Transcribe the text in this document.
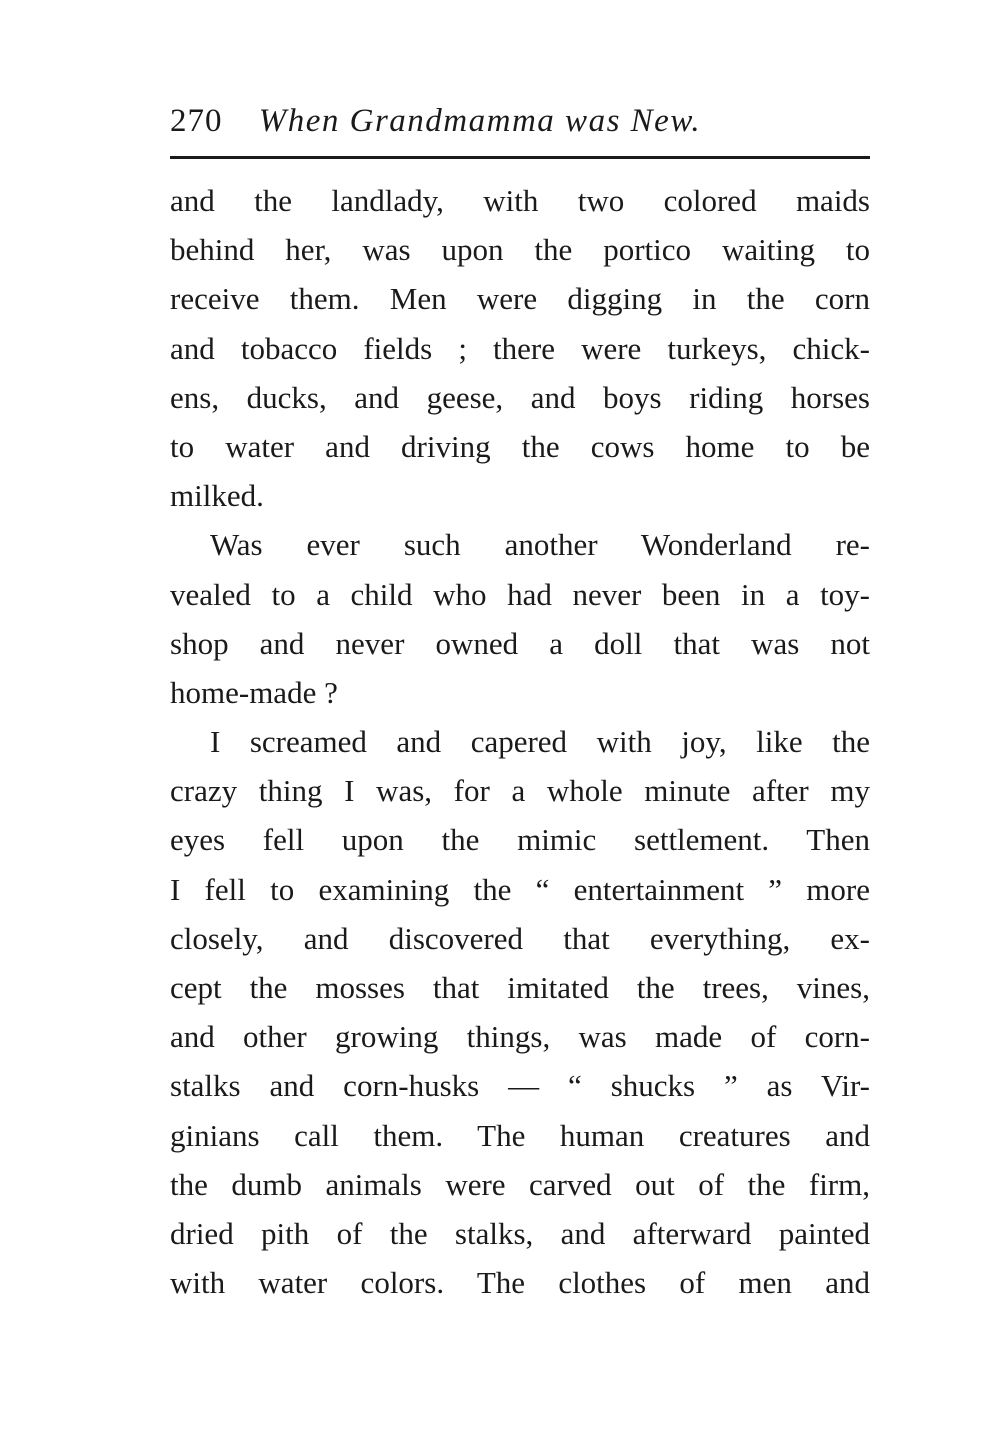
270 When Grandmamma was New.
and the landlady, with two colored maids
behind her, was upon the portico waiting to
receive them. Men were digging in the corn
and tobacco fields ; there were turkeys, chick-
ens, ducks, and geese, and boys riding horses
to water and driving the cows home to be
milked.
Was ever such another Wonderland re-
vealed to a child who had never been in a toy-
shop and never owned a doll that was not
home-made ?
I screamed and capered with joy, like the
crazy thing I was, for a whole minute after my
eyes fell upon the mimic settlement. Then
I fell to examining the “ entertainment ” more
closely, and discovered that everything, ex-
cept the mosses that imitated the trees, vines,
and other growing things, was made of corn-
stalks and corn-husks — “ shucks ” as Vir-
ginians call them. The human creatures and
the dumb animals were carved out of the firm,
dried pith of the stalks, and afterward painted
with water colors. The clothes of men and
